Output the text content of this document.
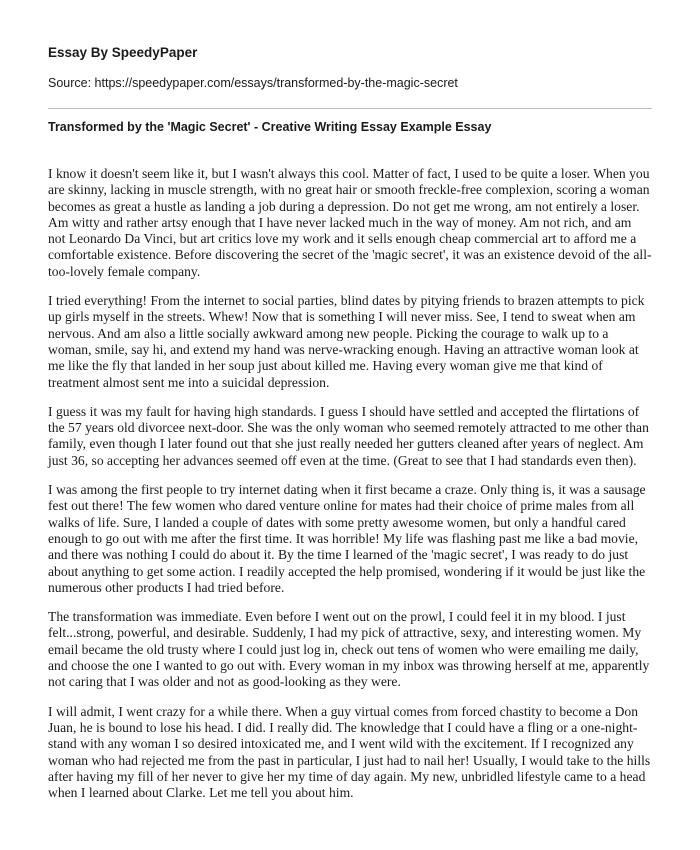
Essay By SpeedyPaper
Source: https://speedypaper.com/essays/transformed-by-the-magic-secret
Transformed by the 'Magic Secret' - Creative Writing Essay Example Essay

I know it doesn't seem like it, but I wasn't always this cool. Matter of fact, I used to be quite a loser. When you are skinny, lacking in muscle strength, with no great hair or smooth freckle-free complexion, scoring a woman becomes as great a hustle as landing a job during a depression. Do not get me wrong, am not entirely a loser. Am witty and rather artsy enough that I have never lacked much in the way of money. Am not rich, and am not Leonardo Da Vinci, but art critics love my work and it sells enough cheap commercial art to afford me a comfortable existence. Before discovering the secret of the 'magic secret', it was an existence devoid of the all-too-lovely female company.

I tried everything! From the internet to social parties, blind dates by pitying friends to brazen attempts to pick up girls myself in the streets. Whew! Now that is something I will never miss. See, I tend to sweat when am nervous. And am also a little socially awkward among new people. Picking the courage to walk up to a woman, smile, say hi, and extend my hand was nerve-wracking enough. Having an attractive woman look at me like the fly that landed in her soup just about killed me. Having every woman give me that kind of treatment almost sent me into a suicidal depression.

I guess it was my fault for having high standards. I guess I should have settled and accepted the flirtations of the 57 years old divorcee next-door. She was the only woman who seemed remotely attracted to me other than family, even though I later found out that she just really needed her gutters cleaned after years of neglect. Am just 36, so accepting her advances seemed off even at the time. (Great to see that I had standards even then).

I was among the first people to try internet dating when it first became a craze. Only thing is, it was a sausage fest out there! The few women who dared venture online for mates had their choice of prime males from all walks of life. Sure, I landed a couple of dates with some pretty awesome women, but only a handful cared enough to go out with me after the first time. It was horrible! My life was flashing past me like a bad movie, and there was nothing I could do about it. By the time I learned of the 'magic secret', I was ready to do just about anything to get some action. I readily accepted the help promised, wondering if it would be just like the numerous other products I had tried before.

The transformation was immediate. Even before I went out on the prowl, I could feel it in my blood. I just felt...strong, powerful, and desirable. Suddenly, I had my pick of attractive, sexy, and interesting women. My email became the old trusty where I could just log in, check out tens of women who were emailing me daily, and choose the one I wanted to go out with. Every woman in my inbox was throwing herself at me, apparently not caring that I was older and not as good-looking as they were.

I will admit, I went crazy for a while there. When a guy virtual comes from forced chastity to become a Don Juan, he is bound to lose his head. I did. I really did. The knowledge that I could have a fling or a one-night-stand with any woman I so desired intoxicated me, and I went wild with the excitement. If I recognized any woman who had rejected me from the past in particular, I just had to nail her! Usually, I would take to the hills after having my fill of her never to give her my time of day again. My new, unbridled lifestyle came to a head when I learned about Clarke. Let me tell you about him.
